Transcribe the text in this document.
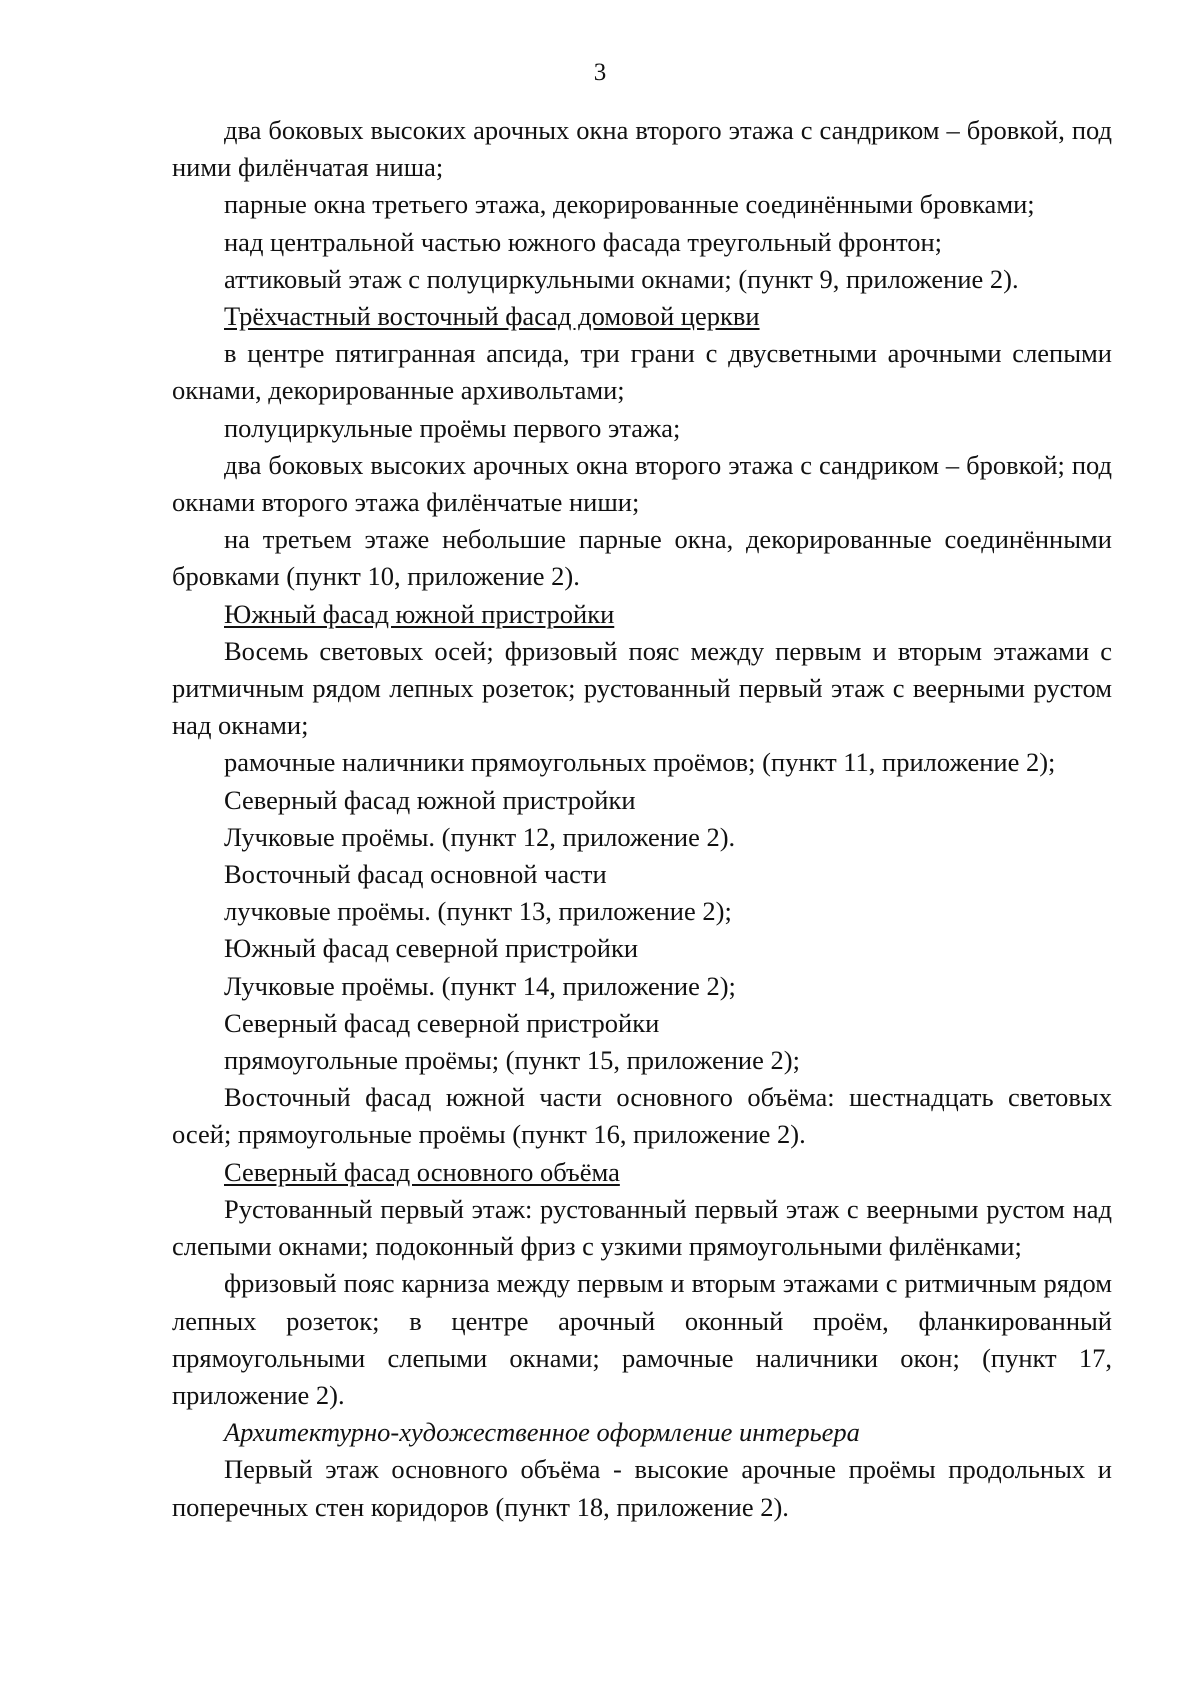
3

два боковых высоких арочных окна второго этажа с сандриком – бровкой, под ними филёнчатая ниша;

парные окна третьего этажа, декорированные соединёнными бровками;

над центральной частью южного фасада треугольный фронтон;

аттиковый этаж с полуциркульными окнами; (пункт 9, приложение 2).

Трёхчастный восточный фасад домовой церкви

в центре пятигранная апсида, три грани с двусветными арочными слепыми окнами, декорированные архивольтами;

полуциркульные проёмы первого этажа;

два боковых высоких арочных окна второго этажа с сандриком – бровкой; под окнами второго этажа филёнчатые ниши;

на третьем этаже небольшие парные окна, декорированные соединёнными бровками (пункт 10, приложение 2).

Южный фасад южной пристройки

Восемь световых осей; фризовый пояс между первым и вторым этажами с ритмичным рядом лепных розеток; рустованный первый этаж с веерными рустом над окнами;

рамочные наличники прямоугольных проёмов; (пункт 11, приложение 2);

Северный фасад южной пристройки

Лучковые проёмы. (пункт 12, приложение 2).

Восточный фасад основной части

лучковые проёмы. (пункт 13, приложение 2);

Южный фасад северной пристройки

Лучковые проёмы. (пункт 14, приложение 2);

Северный фасад северной пристройки

прямоугольные проёмы; (пункт 15, приложение 2);

Восточный фасад южной части основного объёма: шестнадцать световых осей; прямоугольные проёмы (пункт 16, приложение 2).

Северный фасад основного объёма

Рустованный первый этаж: рустованный первый этаж с веерными рустом над слепыми окнами; подоконный фриз с узкими прямоугольными филёнками;

фризовый пояс карниза между первым и вторым этажами с ритмичным рядом лепных розеток; в центре арочный оконный проём, фланкированный прямоугольными слепыми окнами; рамочные наличники окон; (пункт 17, приложение 2).

Архитектурно-художественное оформление интерьера

Первый этаж основного объёма - высокие арочные проёмы продольных и поперечных стен коридоров (пункт 18, приложение 2).
